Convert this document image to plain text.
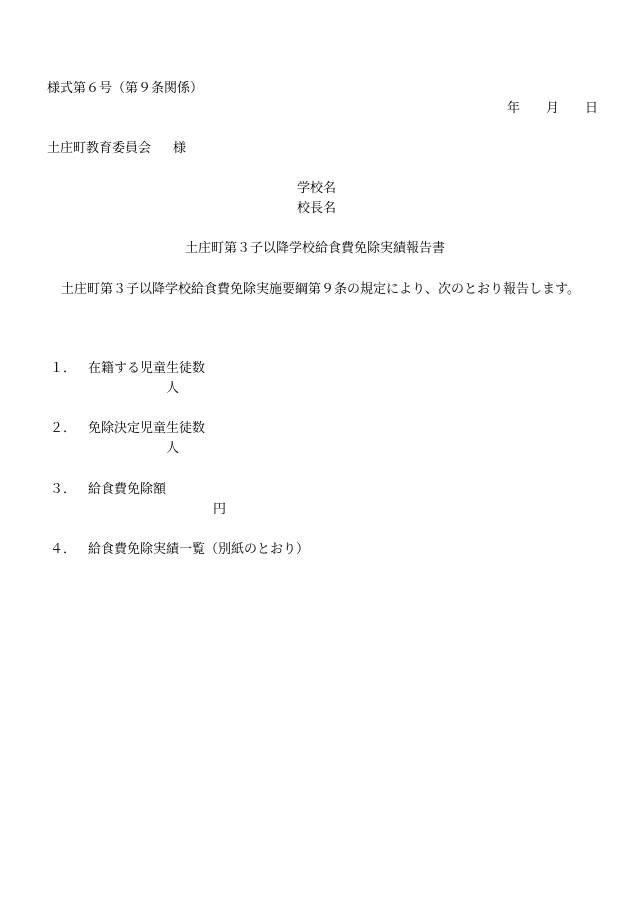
様式第６号（第９条関係）
年 月 日
土庄町教育委員会 様
学校名
校長名
土庄町第３子以降学校給食費免除実績報告書
土庄町第３子以降学校給食費免除実施要綱第９条の規定により、次のとおり報告します。
１． 在籍する児童生徒数
人
２． 免除決定児童生徒数
人
３． 給食費免除額
円
４． 給食費免除実績一覧（別紙のとおり）
